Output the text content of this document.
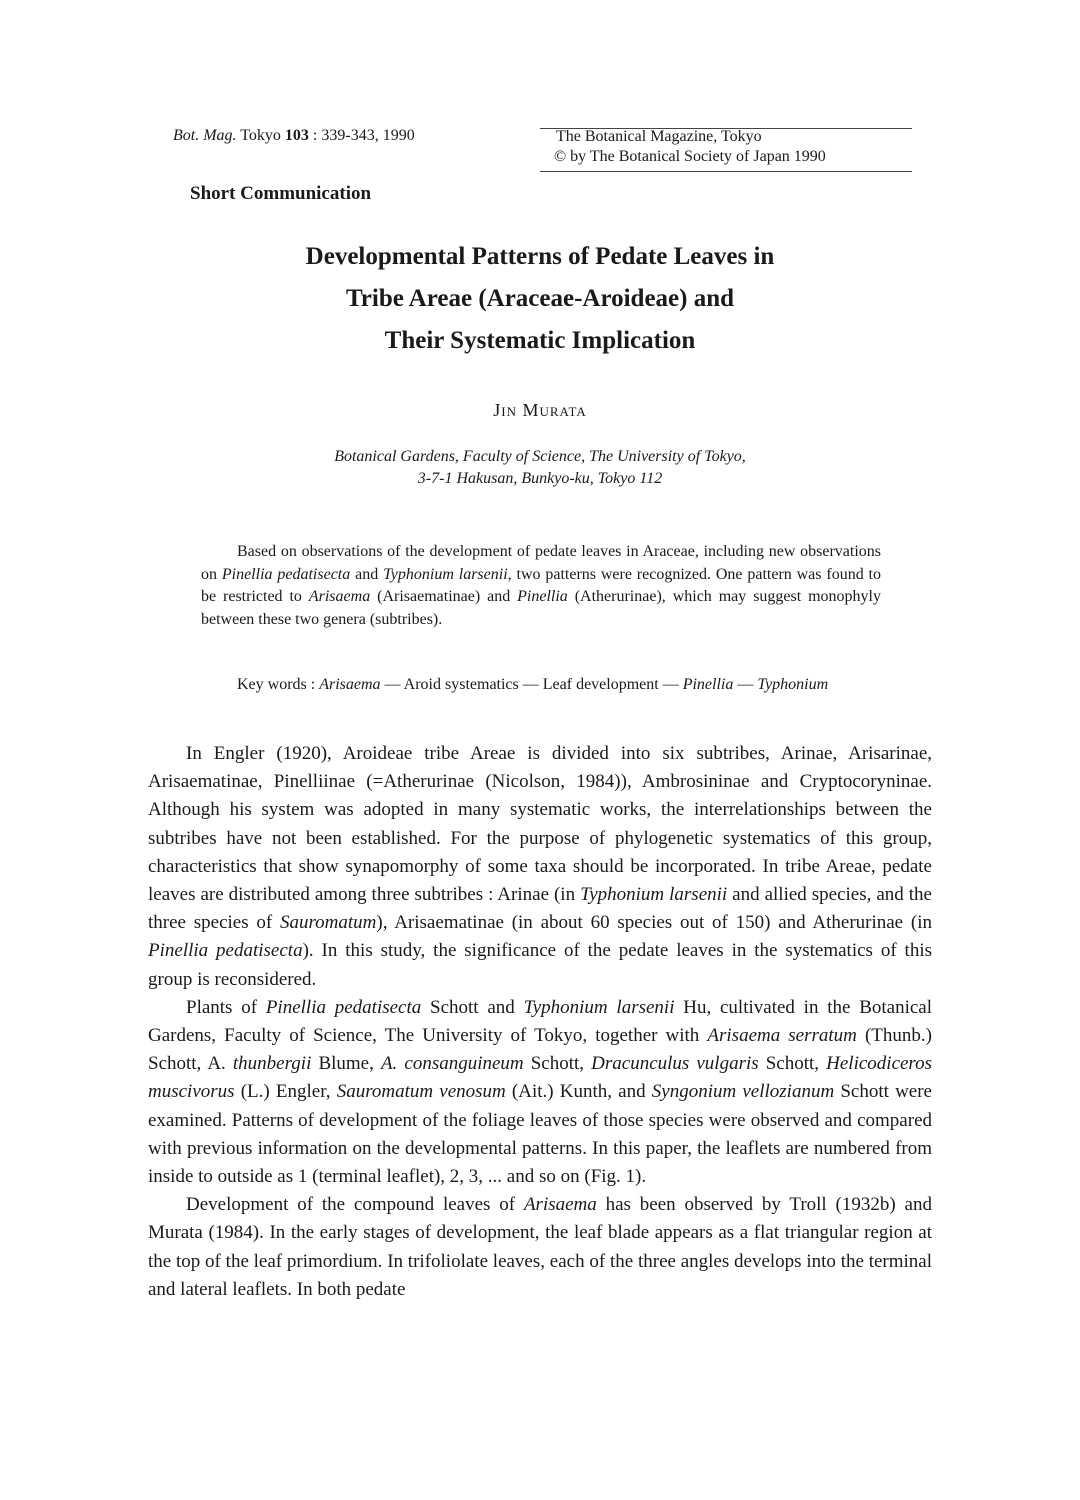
Bot. Mag. Tokyo 103 : 339-343, 1990	The Botanical Magazine, Tokyo
© by The Botanical Society of Japan 1990
Short Communication
Developmental Patterns of Pedate Leaves in
Tribe Areae (Araceae-Aroideae) and
Their Systematic Implication
Jin Murata
Botanical Gardens, Faculty of Science, The University of Tokyo,
3-7-1 Hakusan, Bunkyo-ku, Tokyo 112

Based on observations of the development of pedate leaves in Araceae, including new observations on Pinellia pedatisecta and Typhonium larsenii, two patterns were recognized. One pattern was found to be restricted to Arisaema (Arisaematinae) and Pinellia (Atherurinae), which may suggest monophyly between these two genera (subtribes).

Key words : Arisaema — Aroid systematics — Leaf development — Pinellia — Typhonium

In Engler (1920), Aroideae tribe Areae is divided into six subtribes, Arinae, Arisarinae, Arisaematinae, Pinelliinae (=Atherurinae (Nicolson, 1984)), Ambrosininae and Cryptocoryninae. Although his system was adopted in many systematic works, the interrelationships between the subtribes have not been established. For the purpose of phylogenetic systematics of this group, characteristics that show synapomorphy of some taxa should be incorporated. In tribe Areae, pedate leaves are distributed among three subtribes : Arinae (in Typhonium larsenii and allied species, and the three species of Sauromatum), Arisaematinae (in about 60 species out of 150) and Atherurinae (in Pinellia pedatisecta). In this study, the significance of the pedate leaves in the systematics of this group is reconsidered.

Plants of Pinellia pedatisecta Schott and Typhonium larsenii Hu, cultivated in the Botanical Gardens, Faculty of Science, The University of Tokyo, together with Arisaema serratum (Thunb.) Schott, A. thunbergii Blume, A. consanguineum Schott, Dracunculus vulgaris Schott, Helicodiceros muscivorus (L.) Engler, Sauromatum venosum (Ait.) Kunth, and Syngonium vellozianum Schott were examined. Patterns of development of the foliage leaves of those species were observed and compared with previous information on the developmental patterns. In this paper, the leaflets are numbered from inside to outside as 1 (terminal leaflet), 2, 3, ... and so on (Fig. 1).

Development of the compound leaves of Arisaema has been observed by Troll (1932b) and Murata (1984). In the early stages of development, the leaf blade appears as a flat triangular region at the top of the leaf primordium. In trifoliolate leaves, each of the three angles develops into the terminal and lateral leaflets. In both pedate
